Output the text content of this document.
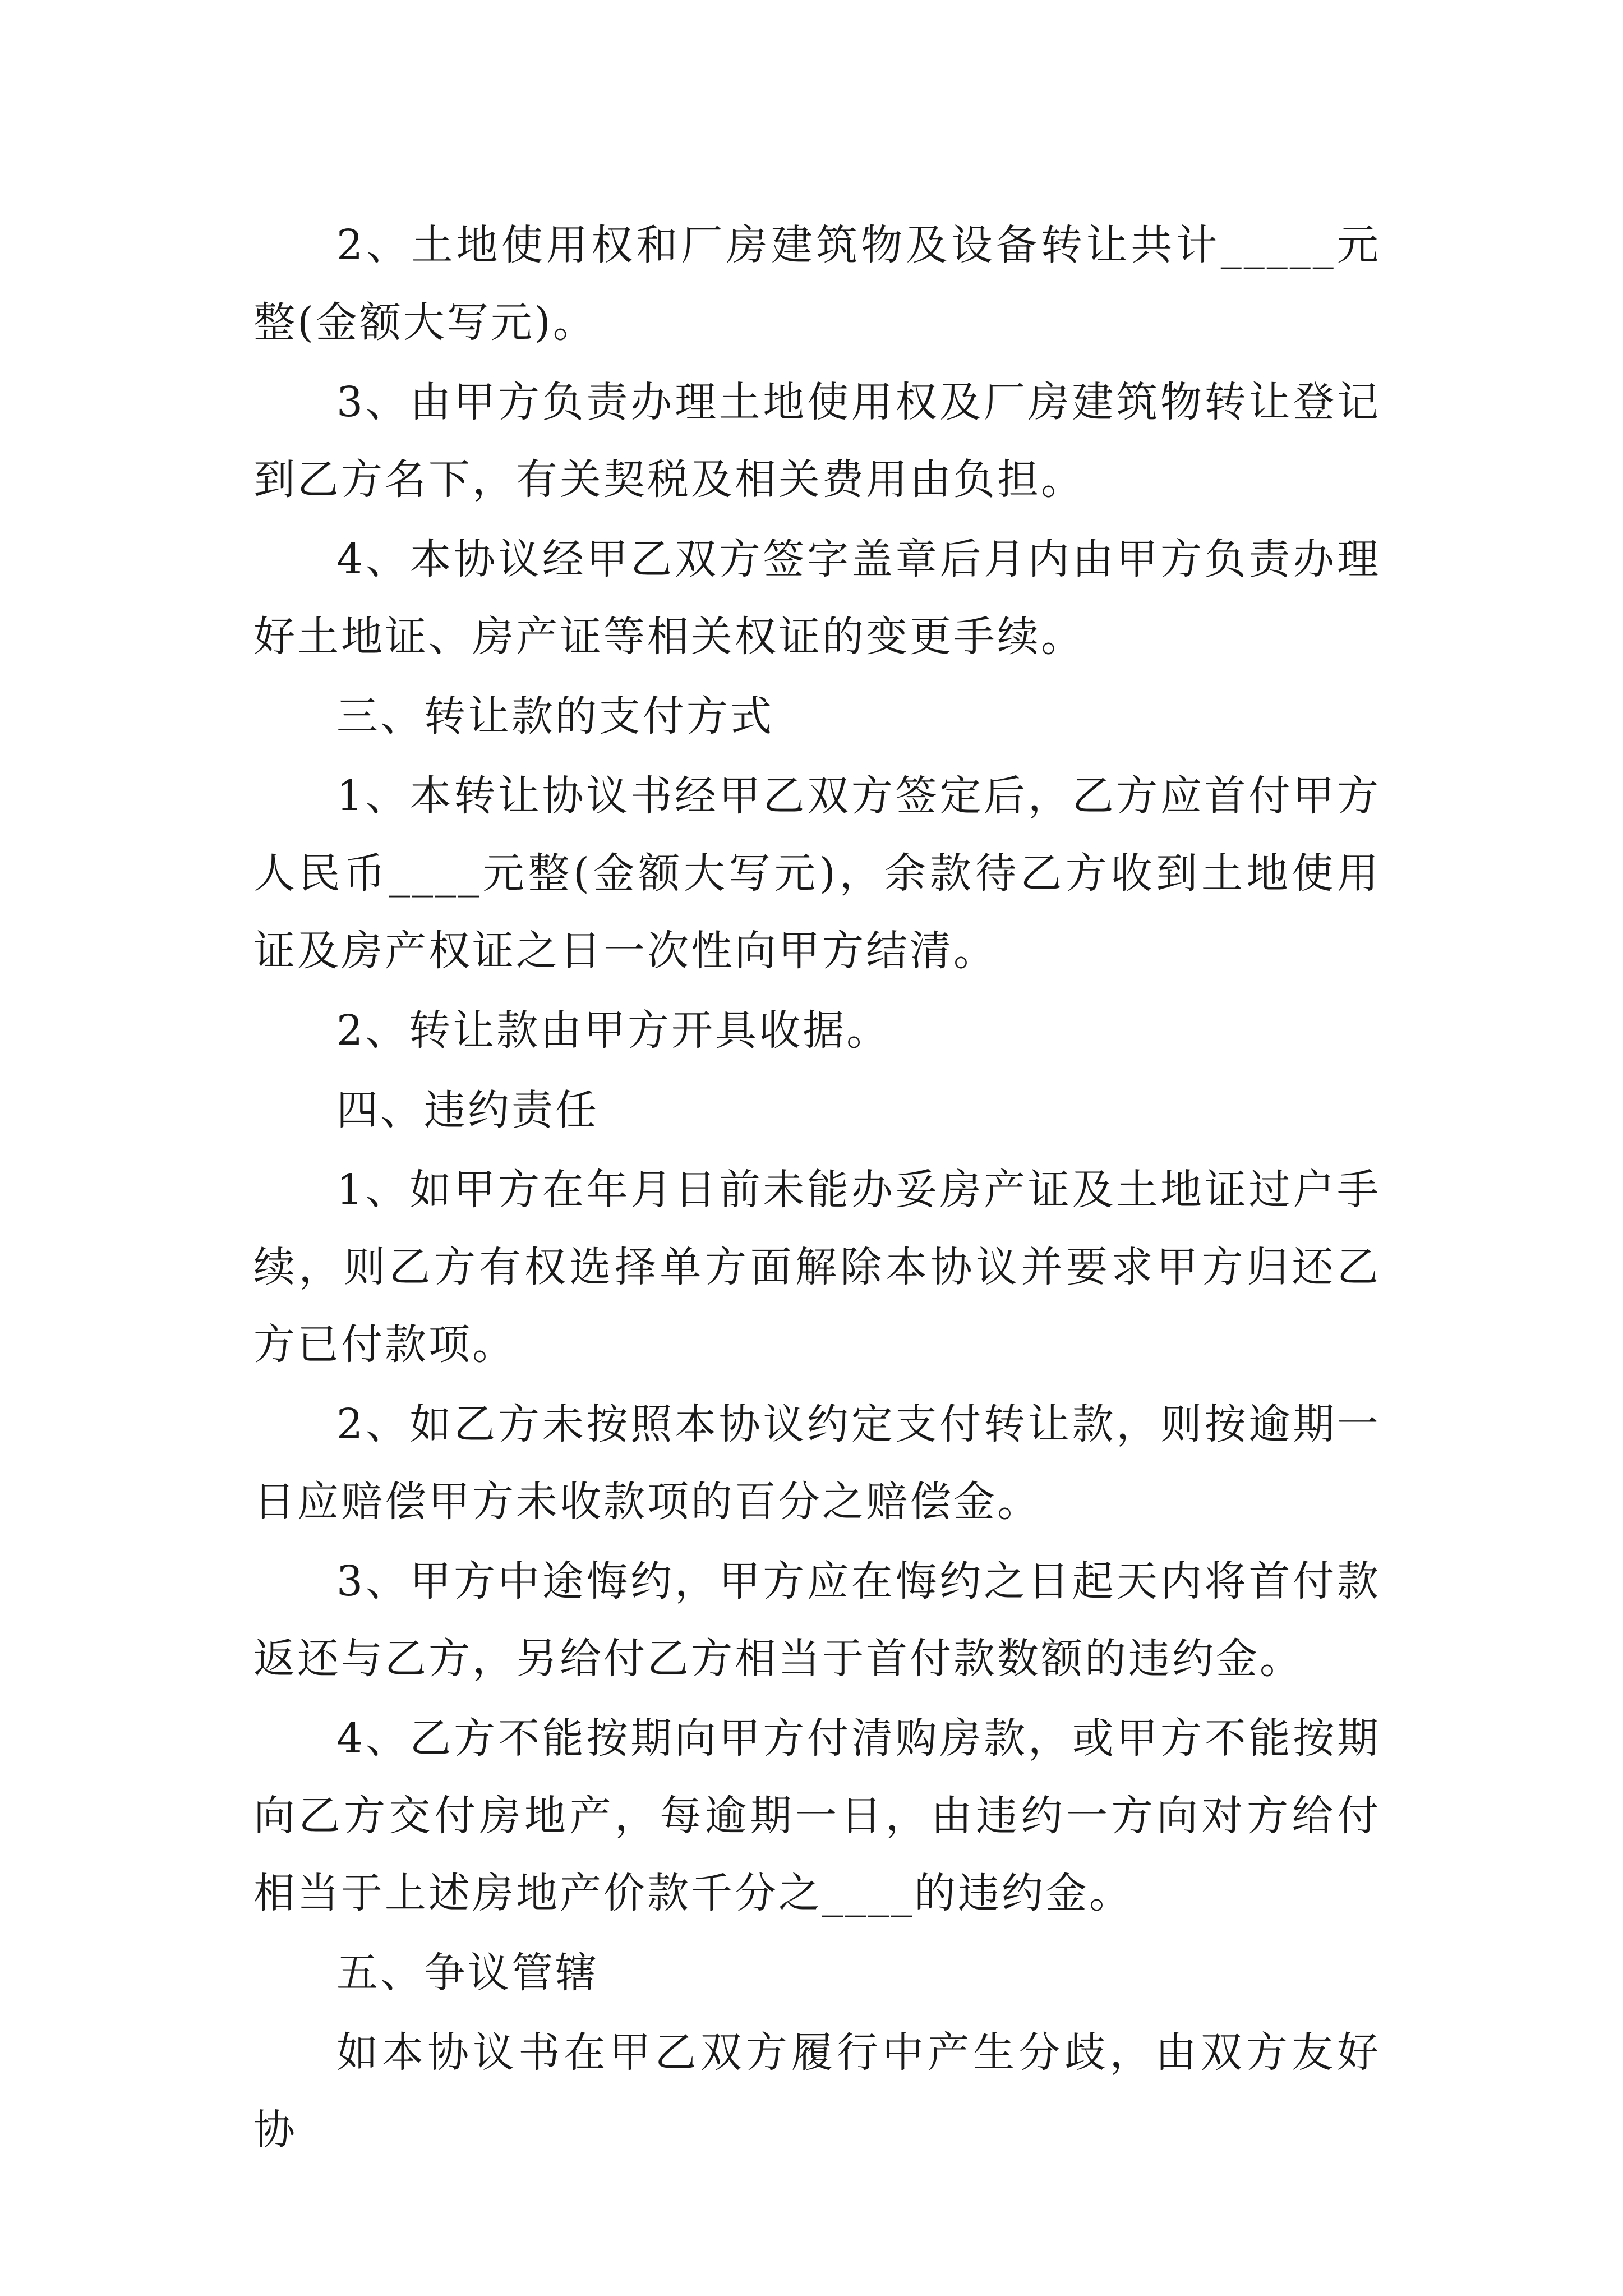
2、土地使用权和厂房建筑物及设备转让共计_____元整(金额大写元)。

3、由甲方负责办理土地使用权及厂房建筑物转让登记到乙方名下，有关契税及相关费用由负担。

4、本协议经甲乙双方签字盖章后月内由甲方负责办理好土地证、房产证等相关权证的变更手续。

三、转让款的支付方式

1、本转让协议书经甲乙双方签定后，乙方应首付甲方人民币____元整(金额大写元)，余款待乙方收到土地使用证及房产权证之日一次性向甲方结清。

2、转让款由甲方开具收据。

四、违约责任

1、如甲方在年月日前未能办妥房产证及土地证过户手续，则乙方有权选择单方面解除本协议并要求甲方归还乙方已付款项。

2、如乙方未按照本协议约定支付转让款，则按逾期一日应赔偿甲方未收款项的百分之赔偿金。

3、甲方中途悔约，甲方应在悔约之日起天内将首付款返还与乙方，另给付乙方相当于首付款数额的违约金。

4、乙方不能按期向甲方付清购房款，或甲方不能按期向乙方交付房地产，每逾期一日，由违约一方向对方给付相当于上述房地产价款千分之____的违约金。

五、争议管辖

如本协议书在甲乙双方履行中产生分歧，由双方友好协
